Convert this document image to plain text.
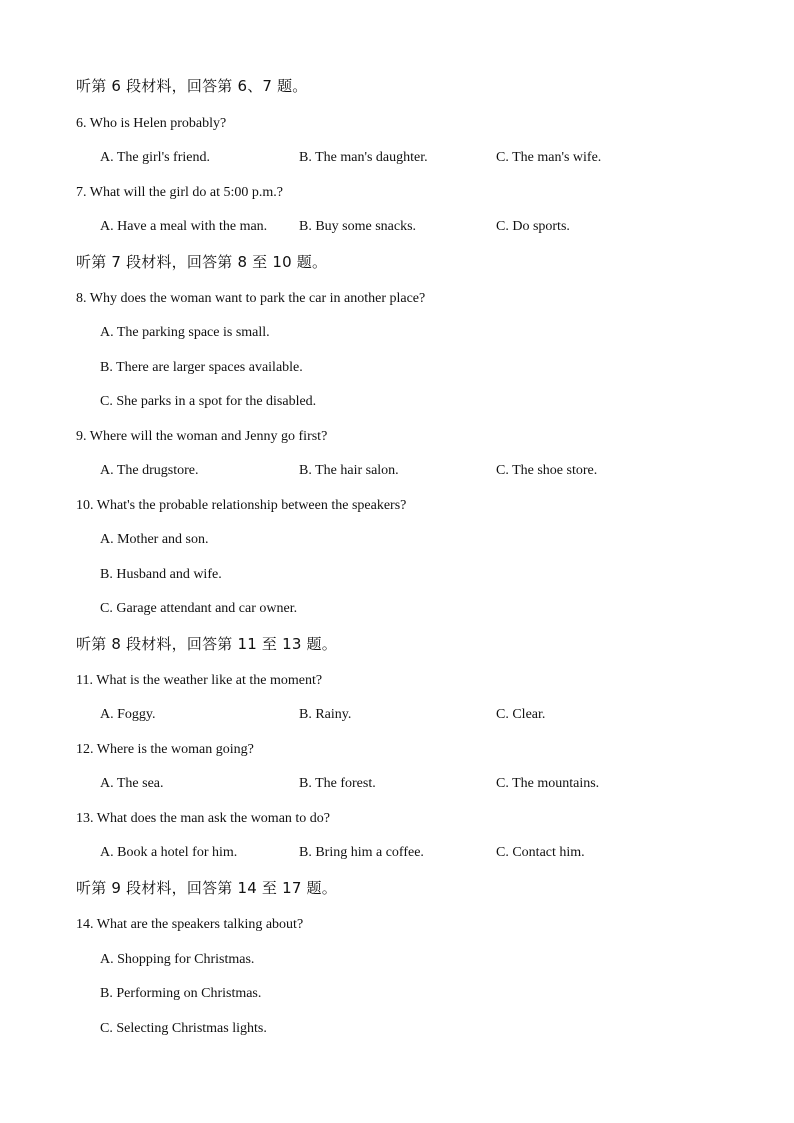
听第 6 段材料，回答第 6、7 题。
6. Who is Helen probably?
A. The girl's friend.	B. The man's daughter.	C. The man's wife.
7. What will the girl do at 5:00 p.m.?
A. Have a meal with the man. B. Buy some snacks.	C. Do sports.
听第 7 段材料，回答第 8 至 10 题。
8. Why does the woman want to park the car in another place?
A. The parking space is small.
B. There are larger spaces available.
C. She parks in a spot for the disabled.
9. Where will the woman and Jenny go first?
A. The drugstore.	B. The hair salon.	C. The shoe store.
10. What's the probable relationship between the speakers?
A. Mother and son.
B. Husband and wife.
C. Garage attendant and car owner.
听第 8 段材料，回答第 11 至 13 题。
11. What is the weather like at the moment?
A. Foggy.	B. Rainy.	C. Clear.
12. Where is the woman going?
A. The sea.	B. The forest.	C. The mountains.
13. What does the man ask the woman to do?
A. Book a hotel for him.	B. Bring him a coffee.	C. Contact him.
听第 9 段材料，回答第 14 至 17 题。
14. What are the speakers talking about?
A. Shopping for Christmas.
B. Performing on Christmas.
C. Selecting Christmas lights.
